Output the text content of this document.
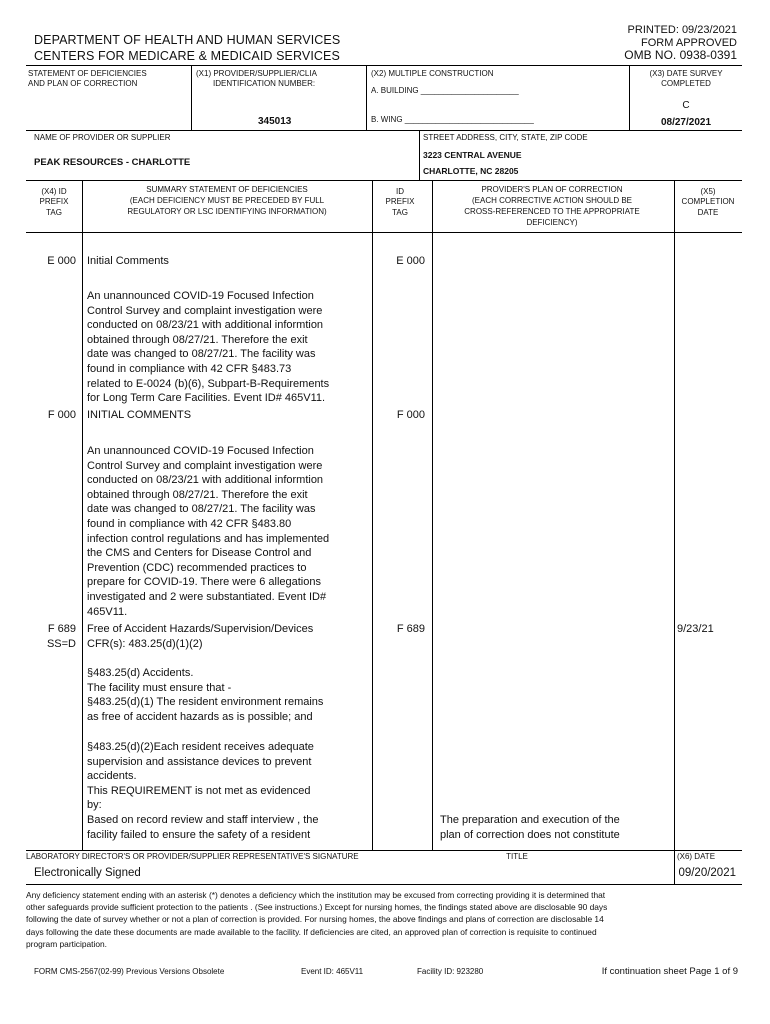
PRINTED: 09/23/2021
FORM APPROVED
OMB NO. 0938-0391
DEPARTMENT OF HEALTH AND HUMAN SERVICES
CENTERS FOR MEDICARE & MEDICAID SERVICES
STATEMENT OF DEFICIENCIES
AND PLAN OF CORRECTION
(X1) PROVIDER/SUPPLIER/CLIA
IDENTIFICATION NUMBER:
345013
(X2) MULTIPLE CONSTRUCTION
A. BUILDING ______________________
B. WING _____________________________
(X3) DATE SURVEY
COMPLETED
C
08/27/2021
NAME OF PROVIDER OR SUPPLIER
PEAK RESOURCES - CHARLOTTE
STREET ADDRESS, CITY, STATE, ZIP CODE
3223 CENTRAL AVENUE
CHARLOTTE, NC 28205
(X4) ID
PREFIX
TAG
SUMMARY STATEMENT OF DEFICIENCIES
(EACH DEFICIENCY MUST BE PRECEDED BY FULL
REGULATORY OR LSC IDENTIFYING INFORMATION)
ID
PREFIX
TAG
PROVIDER'S PLAN OF CORRECTION
(EACH CORRECTIVE ACTION SHOULD BE
CROSS-REFERENCED TO THE APPROPRIATE
DEFICIENCY)
(X5)
COMPLETION
DATE
E 000 Initial Comments	E 000
An unannounced COVID-19 Focused Infection
Control Survey and complaint investigation were
conducted on 08/23/21 with additional informtion
obtained through 08/27/21. Therefore the exit
date was changed to 08/27/21. The facility was
found in compliance with 42 CFR §483.73
related to E-0024 (b)(6), Subpart-B-Requirements
for Long Term Care Facilities. Event ID# 465V11.
F 000 INITIAL COMMENTS	F 000
An unannounced COVID-19 Focused Infection
Control Survey and complaint investigation were
conducted on 08/23/21 with additional informtion
obtained through 08/27/21. Therefore the exit
date was changed to 08/27/21. The facility was
found in compliance with 42 CFR §483.80
infection control regulations and has implemented
the CMS and Centers for Disease Control and
Prevention (CDC) recommended practices to
prepare for COVID-19. There were 6 allegations
investigated and 2 were substantiated. Event ID#
465V11.
F 689
SS=D
Free of Accident Hazards/Supervision/Devices
CFR(s): 483.25(d)(1)(2)
F 689	9/23/21
§483.25(d) Accidents.
The facility must ensure that -
§483.25(d)(1) The resident environment remains
as free of accident hazards as is possible; and
§483.25(d)(2)Each resident receives adequate
supervision and assistance devices to prevent
accidents.
This REQUIREMENT is not met as evidenced
by:
Based on record review and staff interview , the
facility failed to ensure the safety of a resident
The preparation and execution of the
plan of correction does not constitute
LABORATORY DIRECTOR'S OR PROVIDER/SUPPLIER REPRESENTATIVE'S SIGNATURE	TITLE	(X6) DATE
Electronically Signed	09/20/2021
Any deficiency statement ending with an asterisk (*) denotes a deficiency which the institution may be excused from correcting providing it is determined that
other safeguards provide sufficient protection to the patients . (See instructions.) Except for nursing homes, the findings stated above are disclosable 90 days
following the date of survey whether or not a plan of correction is provided. For nursing homes, the above findings and plans of correction are disclosable 14
days following the date these documents are made available to the facility. If deficiencies are cited, an approved plan of correction is requisite to continued
program participation.
FORM CMS-2567(02-99) Previous Versions Obsolete	Event ID: 465V11	Facility ID: 923280	If continuation sheet Page 1 of 9
